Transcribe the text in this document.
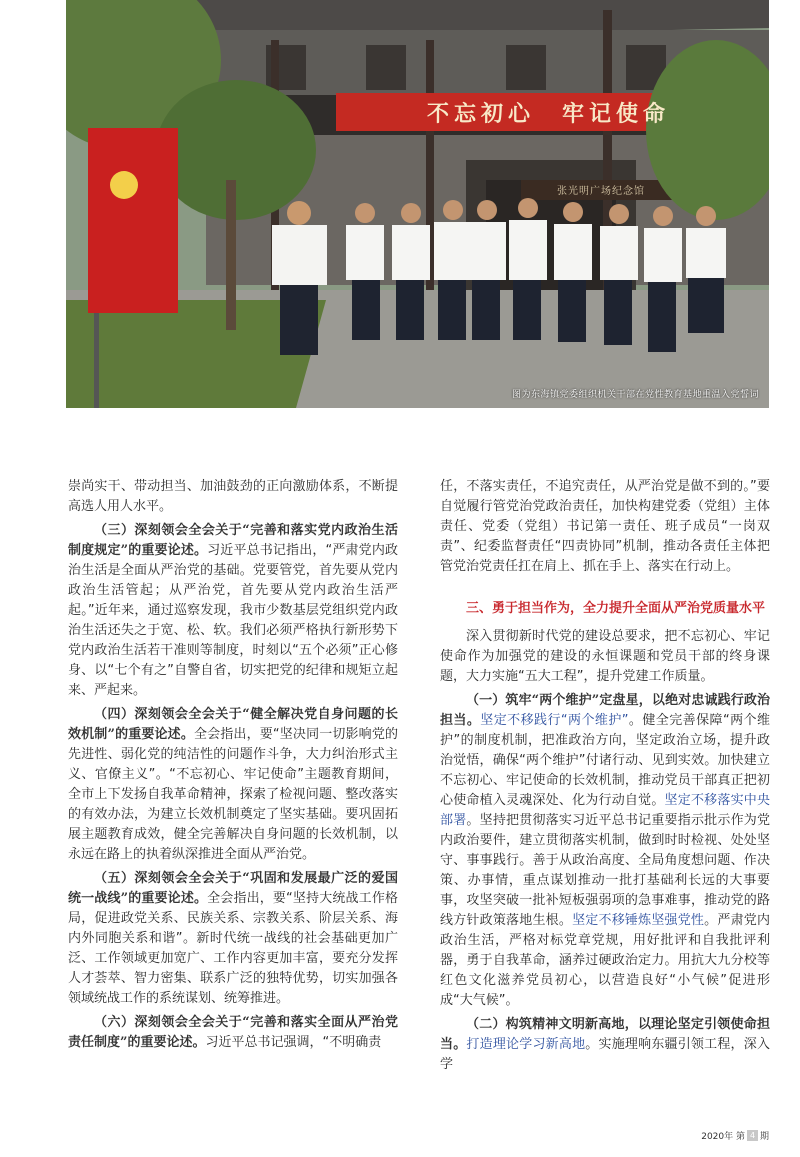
不忘初心　牢记使命
张光明广场纪念馆
图为东海镇党委组织机关干部在党性教育基地重温入党誓词

崇尚实干、带动担当、加油鼓劲的正向激励体系，不断提高选人用人水平。

（三）深刻领会全会关于“完善和落实党内政治生活制度规定”的重要论述。习近平总书记指出，“严肃党内政治生活是全面从严治党的基础。党要管党，首先要从党内政治生活管起；从严治党，首先要从党内政治生活严起。”近年来，通过巡察发现，我市少数基层党组织党内政治生活还失之于宽、松、软。我们必须严格执行新形势下党内政治生活若干准则等制度，时刻以“五个必须”正心修身、以“七个有之”自警自省，切实把党的纪律和规矩立起来、严起来。

（四）深刻领会全会关于“健全解决党自身问题的长效机制”的重要论述。全会指出，要“坚决同一切影响党的先进性、弱化党的纯洁性的问题作斗争，大力纠治形式主义、官僚主义”。“不忘初心、牢记使命”主题教育期间，全市上下发扬自我革命精神，探索了检视问题、整改落实的有效办法，为建立长效机制奠定了坚实基础。要巩固拓展主题教育成效，健全完善解决自身问题的长效机制，以永远在路上的执着纵深推进全面从严治党。

（五）深刻领会全会关于“巩固和发展最广泛的爱国统一战线”的重要论述。全会指出，要“坚持大统战工作格局，促进政党关系、民族关系、宗教关系、阶层关系、海内外同胞关系和谐”。新时代统一战线的社会基础更加广泛、工作领域更加宽广、工作内容更加丰富，要充分发挥人才荟萃、智力密集、联系广泛的独特优势，切实加强各领域统战工作的系统谋划、统筹推进。

（六）深刻领会全会关于“完善和落实全面从严治党责任制度”的重要论述。习近平总书记强调，“不明确责

任，不落实责任，不追究责任，从严治党是做不到的。”要自觉履行管党治党政治责任，加快构建党委（党组）主体责任、党委（党组）书记第一责任、班子成员“一岗双责”、纪委监督责任“四责协同”机制，推动各责任主体把管党治党责任扛在肩上、抓在手上、落实在行动上。

三、勇于担当作为，全力提升全面从严治党质量水平

深入贯彻新时代党的建设总要求，把不忘初心、牢记使命作为加强党的建设的永恒课题和党员干部的终身课题，大力实施“五大工程”，提升党建工作质量。

（一）筑牢“两个维护”定盘星，以绝对忠诚践行政治担当。坚定不移践行“两个维护”。健全完善保障“两个维护”的制度机制，把准政治方向，坚定政治立场，提升政治觉悟，确保“两个维护”付诸行动、见到实效。加快建立不忘初心、牢记使命的长效机制，推动党员干部真正把初心使命植入灵魂深处、化为行动自觉。坚定不移落实中央部署。坚持把贯彻落实习近平总书记重要指示批示作为党内政治要件，建立贯彻落实机制，做到时时检视、处处坚守、事事践行。善于从政治高度、全局角度想问题、作决策、办事情，重点谋划推动一批打基础利长远的大事要事，攻坚突破一批补短板强弱项的急事难事，推动党的路线方针政策落地生根。坚定不移锤炼坚强党性。严肃党内政治生活，严格对标党章党规，用好批评和自我批评利器，勇于自我革命，涵养过硬政治定力。用抗大九分校等红色文化滋养党员初心，以营造良好“小气候”促进形成“大气候”。

（二）构筑精神文明新高地，以理论坚定引领使命担当。打造理论学习新高地。实施理响东疆引领工程，深入学

2020年 第 4 期
